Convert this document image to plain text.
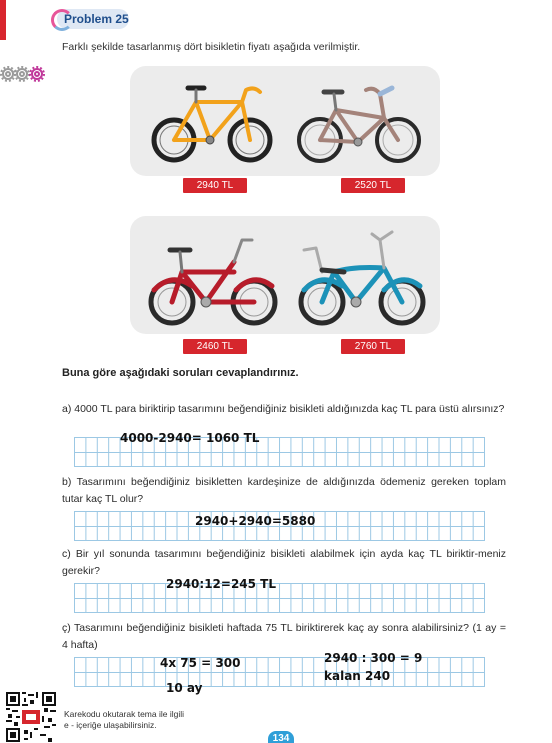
Problem 25
Farklı şekilde tasarlanmış dört bisikletin fiyatı aşağıda verilmiştir.
2940 TL	2520 TL
2460 TL	2760 TL
Buna göre aşağıdaki soruları cevaplandırınız.
a) 4000 TL para biriktirip tasarımını beğendiğiniz bisikleti aldığınızda kaç TL para üstü alırsınız?
4000-2940= 1060 TL
b) Tasarımını beğendiğiniz bisikletten kardeşinize de aldığınızda ödemeniz gereken toplam tutar kaç TL olur?
2940+2940=5880
c) Bir yıl sonunda tasarımını beğendiğiniz bisikleti alabilmek için ayda kaç TL biriktir-meniz gerekir?
2940:12=245 TL
ç) Tasarımını beğendiğiniz bisikleti haftada 75 TL biriktirerek kaç ay sonra alabilirsiniz? (1 ay = 4 hafta)
4x 75 = 300	2940 : 300 = 9
kalan 240
10 ay
Karekodu okutarak tema ile ilgili
e - içeriğe ulaşabilirsiniz.
134
